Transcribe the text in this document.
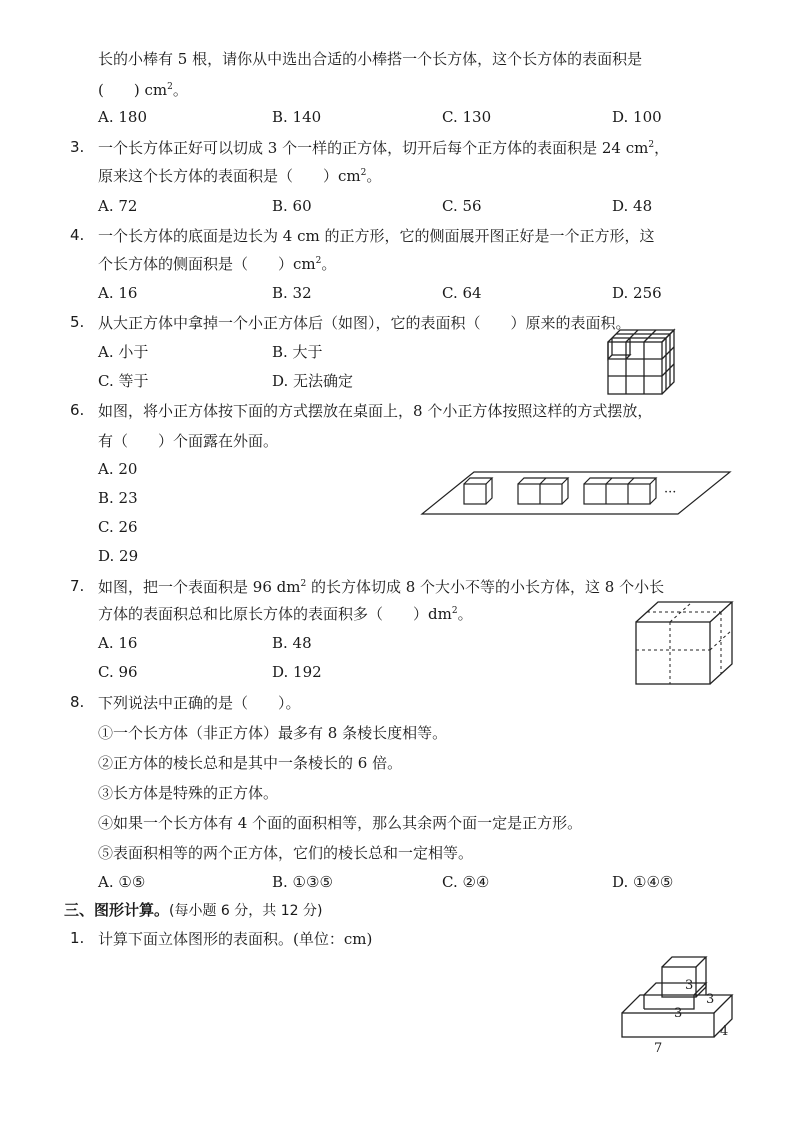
长的小棒有 5 根，请你从中选出合适的小棒搭一个长方体，这个长方体的表面积是
(　　) $cm^2$。
A. 180	B. 140	C. 130	D. 100
3. 一个长方体正好可以切成 3 个一样的正方体，切开后每个正方体的表面积是 24 $cm^2$，
原来这个长方体的表面积是（　　）$cm^2$。
A. 72	B. 60	C. 56	D. 48
4. 一个长方体的底面是边长为 4 cm 的正方形，它的侧面展开图正好是一个正方形，这
个长方体的侧面积是（　　）$cm^2$。
A. 16	B. 32	C. 64	D. 256
5. 从大正方体中拿掉一个小正方体后（如图），它的表面积（　　）原来的表面积。
A. 小于	B. 大于
C. 等于	D. 无法确定
6. 如图，将小正方体按下面的方式摆放在桌面上，8 个小正方体按照这样的方式摆放，
有（　　）个面露在外面。
A. 20
B. 23
C. 26
D. 29
···
7. 如图，把一个表面积是 96 $dm^2$ 的长方体切成 8 个大小不等的小长方体，这 8 个小长
方体的表面积总和比原长方体的表面积多（　　）$dm^2$。
A. 16	B. 48
C. 96	D. 192
8. 下列说法中正确的是（　　）。
①一个长方体（非正方体）最多有 8 条棱长度相等。
②正方体的棱长总和是其中一条棱长的 6 倍。
③长方体是特殊的正方体。
④如果一个长方体有 4 个面的面积相等，那么其余两个面一定是正方形。
⑤表面积相等的两个正方体，它们的棱长总和一定相等。
A. ①⑤	B. ①③⑤	C. ②④	D. ①④⑤
三、图形计算。(每小题 6 分，共 12 分)
1. 计算下面立体图形的表面积。(单位：cm)
3
3
3
4
7
